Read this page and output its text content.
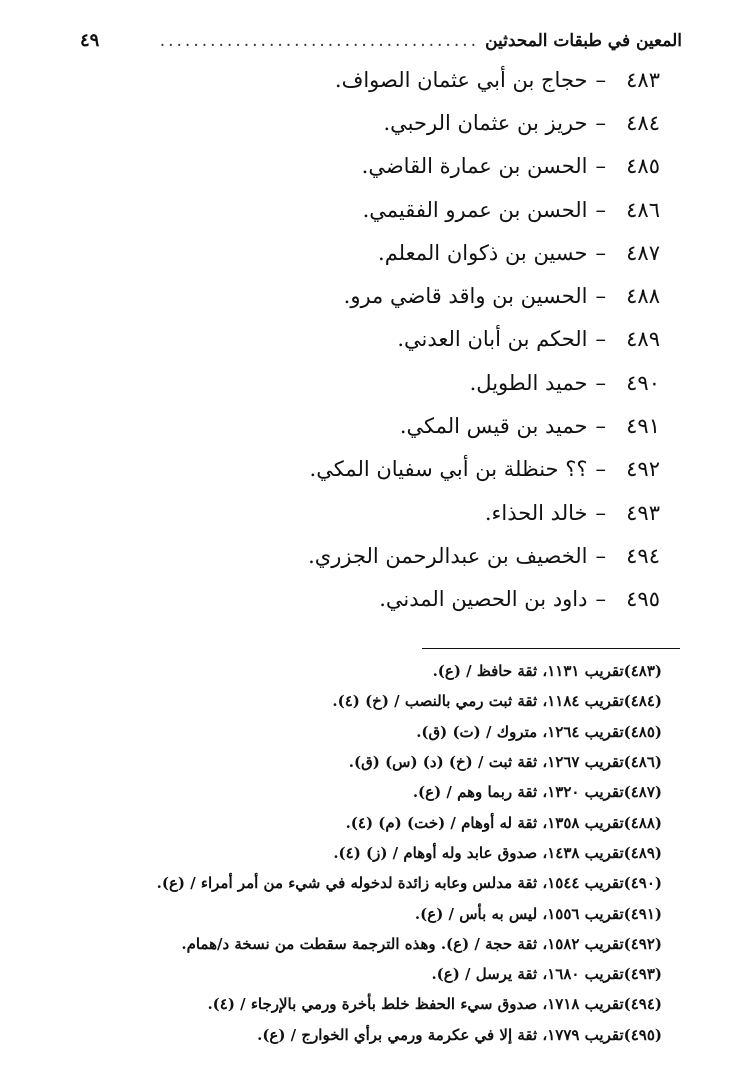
المعين في طبقات المحدثين
......................................
٤٩
٤٨٣
–
حجاج بن أبي عثمان الصواف.
٤٨٤
–
حريز بن عثمان الرحبي.
٤٨٥
–
الحسن بن عمارة القاضي.
٤٨٦
–
الحسن بن عمرو الفقيمي.
٤٨٧
–
حسين بن ذكوان المعلم.
٤٨٨
–
الحسين بن واقد قاضي مرو.
٤٨٩
–
الحكم بن أبان العدني.
٤٩٠
–
حميد الطويل.
٤٩١
–
حميد بن قيس المكي.
٤٩٢
–
؟؟ حنظلة بن أبي سفيان المكي.
٤٩٣
–
خالد الحذاء.
٤٩٤
–
الخصيف بن عبدالرحمن الجزري.
٤٩٥
–
داود بن الحصين المدني.
(٤٨٣)تقريب ١١٣١، ثقة حافظ / (ع).
(٤٨٤)تقريب ١١٨٤، ثقة ثبت رمي بالنصب / (خ) (٤).
(٤٨٥)تقريب ١٢٦٤، متروك / (ت) (ق).
(٤٨٦)تقريب ١٢٦٧، ثقة ثبت / (خ) (د) (س) (ق).
(٤٨٧)تقريب ١٣٢٠، ثقة ربما وهم / (ع).
(٤٨٨)تقريب ١٣٥٨، ثقة له أوهام / (خت) (م) (٤).
(٤٨٩)تقريب ١٤٣٨، صدوق عابد وله أوهام / (ز) (٤).
(٤٩٠)تقريب ١٥٤٤، ثقة مدلس وعابه زائدة لدخوله في شيء من أمر أمراء / (ع).
(٤٩١)تقريب ١٥٥٦، ليس به بأس / (ع).
(٤٩٢)تقريب ١٥٨٢، ثقة حجة / (ع). وهذه الترجمة سقطت من نسخة د/همام.
(٤٩٣)تقريب ١٦٨٠، ثقة يرسل / (ع).
(٤٩٤)تقريب ١٧١٨، صدوق سيء الحفظ خلط بأخرة ورمي بالإرجاء / (٤).
(٤٩٥)تقريب ١٧٧٩، ثقة إلا في عكرمة ورمي برأي الخوارج / (ع).
